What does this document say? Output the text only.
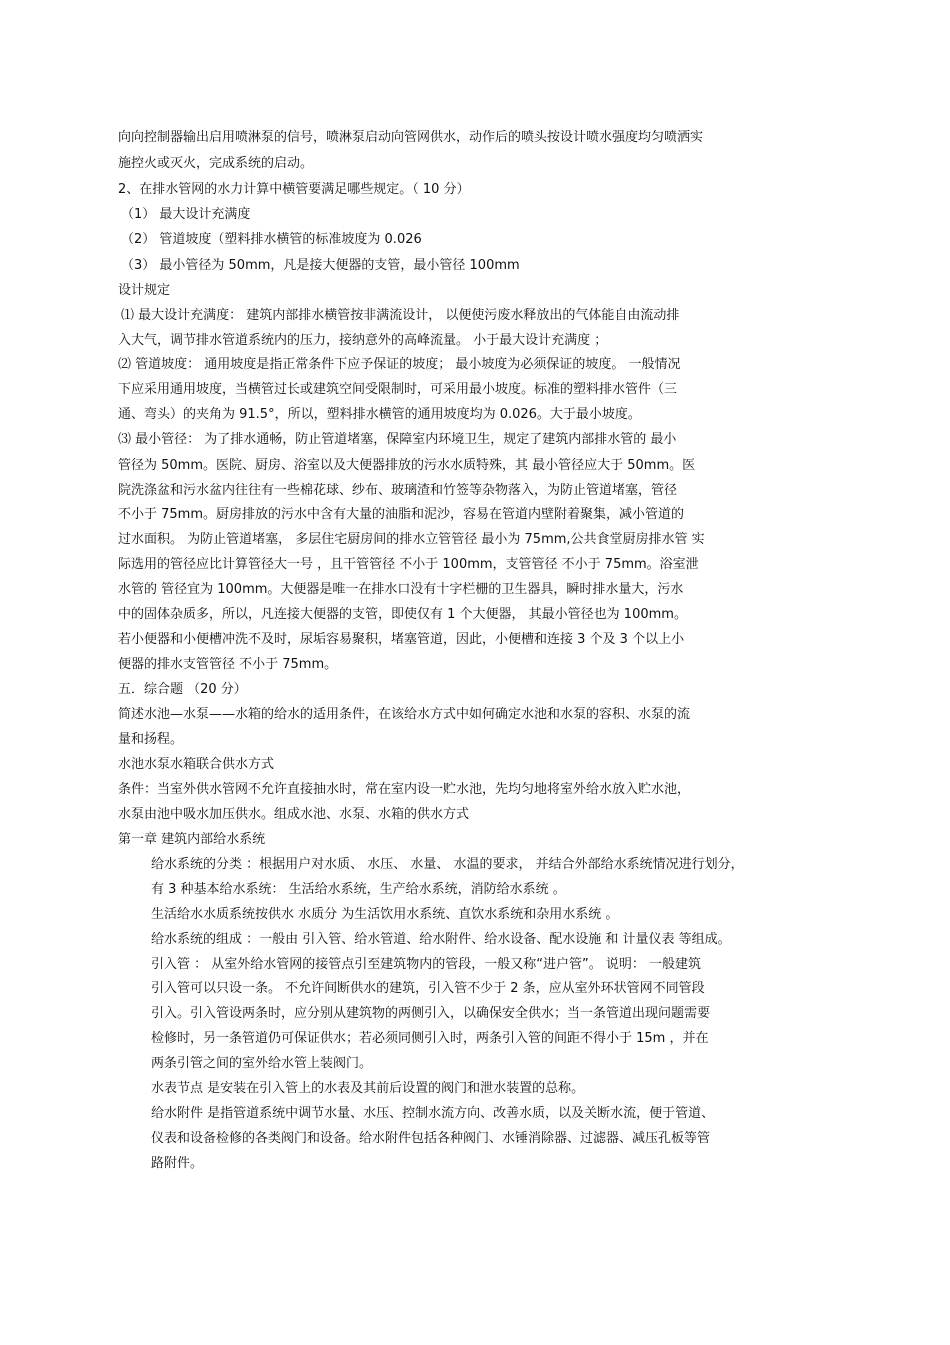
向向控制器输出启用喷淋泵的信号，喷淋泵启动向管网供水，动作后的喷头按设计喷水强度均匀喷洒实
施控火或灭火，完成系统的启动。
2、在排水管网的水力计算中横管要满足哪些规定。（ 10 分）
（1） 最大设计充满度
（2） 管道坡度（塑料排水横管的标准坡度为 0.026
（3） 最小管径为 50mm，凡是接大便器的支管，最小管径 100mm
设计规定
⑴ 最大设计充满度： 建筑内部排水横管按非满流设计， 以便使污废水释放出的气体能自由流动排
入大气，调节排水管道系统内的压力，接纳意外的高峰流量。 小于最大设计充满度 ；
⑵ 管道坡度： 通用坡度是指正常条件下应予保证的坡度； 最小坡度为必须保证的坡度。 一般情况
下应采用通用坡度，当横管过长或建筑空间受限制时，可采用最小坡度。标准的塑料排水管件（三
通、弯头）的夹角为 91.5°，所以，塑料排水横管的通用坡度均为 0.026。大于最小坡度。
⑶ 最小管径： 为了排水通畅，防止管道堵塞，保障室内环境卫生，规定了建筑内部排水管的 最小
管径为 50mm。医院、厨房、浴室以及大便器排放的污水水质特殊，其 最小管径应大于 50mm。医
院洗涤盆和污水盆内往往有一些棉花球、纱布、玻璃渣和竹签等杂物落入，为防止管道堵塞，管径
不小于 75mm。厨房排放的污水中含有大量的油脂和泥沙，容易在管道内壁附着聚集，减小管道的
过水面积。 为防止管道堵塞， 多层住宅厨房间的排水立管管径 最小为 75mm,公共食堂厨房排水管 实
际选用的管径应比计算管径大一号 ，且干管管径 不小于 100mm，支管管径 不小于 75mm。浴室泄
水管的 管径宜为 100mm。大便器是唯一在排水口没有十字栏栅的卫生器具，瞬时排水量大，污水
中的固体杂质多，所以，凡连接大便器的支管，即使仅有 1 个大便器， 其最小管径也为 100mm。
若小便器和小便槽冲洗不及时，尿垢容易聚积，堵塞管道，因此，小便槽和连接 3 个及 3 个以上小
便器的排水支管管径 不小于 75mm。
五．综合题 （20 分）
简述水池—水泵——水箱的给水的适用条件，在该给水方式中如何确定水池和水泵的容积、水泵的流
量和扬程。
水池水泵水箱联合供水方式
条件：当室外供水管网不允许直接抽水时，常在室内设一贮水池，先均匀地将室外给水放入贮水池，
水泵由池中吸水加压供水。组成水池、水泵、水箱的供水方式
第一章 建筑内部给水系统
给水系统的分类 ：根据用户对水质、 水压、 水量、 水温的要求， 并结合外部给水系统情况进行划分，
有 3 种基本给水系统： 生活给水系统，生产给水系统，消防给水系统 。
生活给水水质系统按供水 水质分 为生活饮用水系统、直饮水系统和杂用水系统 。
给水系统的组成 ：一般由 引入管、给水管道、给水附件、给水设备、配水设施 和 计量仪表 等组成。
引入管 ： 从室外给水管网的接管点引至建筑物内的管段，一般又称“进户管”。 说明： 一般建筑
引入管可以只设一条。 不允许间断供水的建筑，引入管不少于 2 条，应从室外环状管网不同管段
引入。引入管设两条时，应分别从建筑物的两侧引入，以确保安全供水；当一条管道出现问题需要
检修时，另一条管道仍可保证供水；若必须同侧引入时，两条引入管的间距不得小于 15m ，并在
两条引管之间的室外给水管上装阀门。
水表节点 是安装在引入管上的水表及其前后设置的阀门和泄水装置的总称。
给水附件 是指管道系统中调节水量、水压、控制水流方向、改善水质，以及关断水流，便于管道、
仪表和设备检修的各类阀门和设备。给水附件包括各种阀门、水锤消除器、过滤器、减压孔板等管
路附件。
